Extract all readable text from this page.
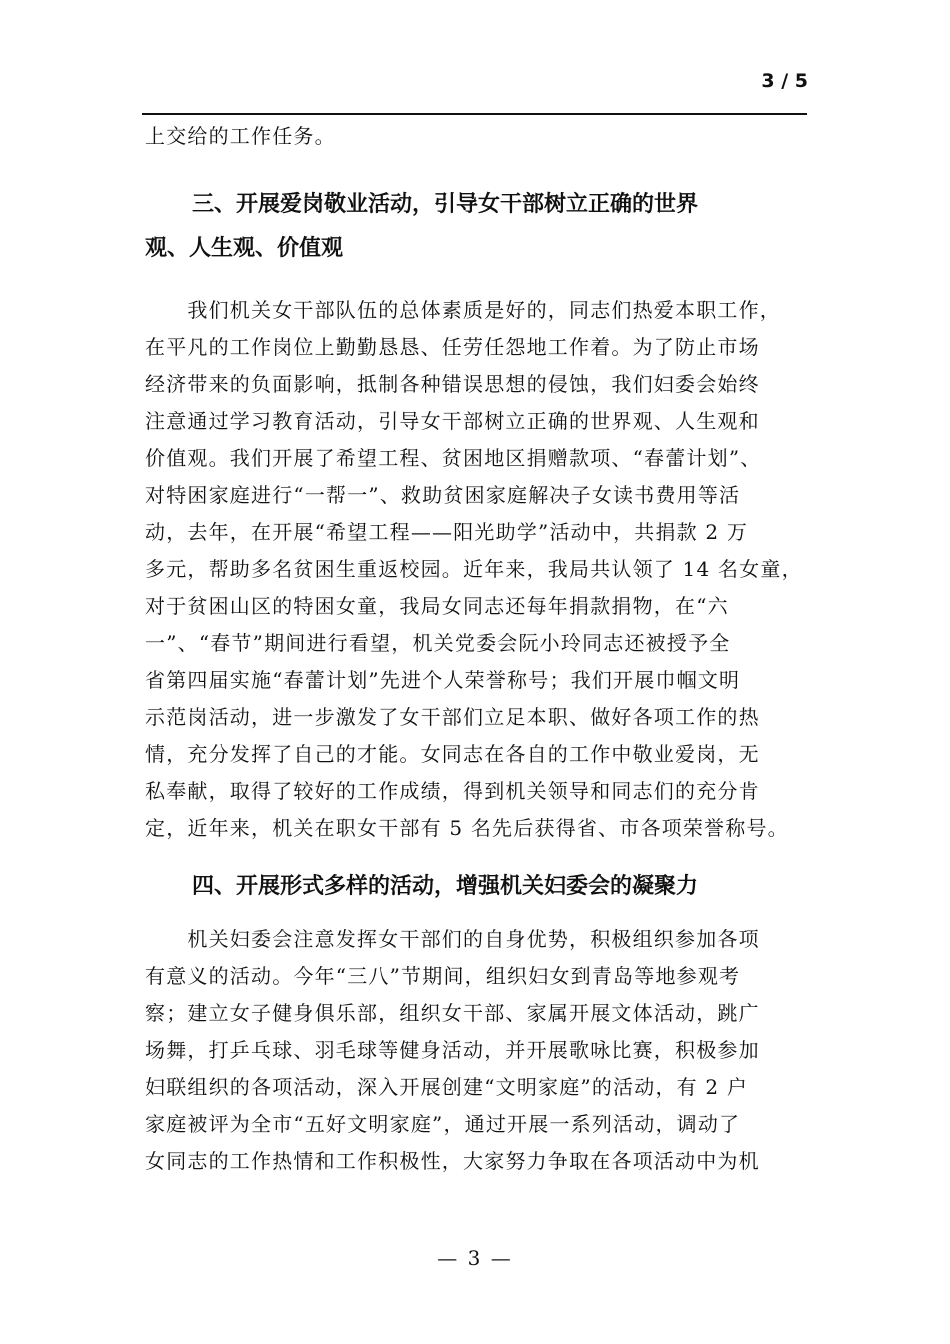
3 / 5
上交给的工作任务。
三、开展爱岗敬业活动，引导女干部树立正确的世界
观、人生观、价值观
　　我们机关女干部队伍的总体素质是好的，同志们热爱本职工作，
在平凡的工作岗位上勤勤恳恳、任劳任怨地工作着。为了防止市场
经济带来的负面影响，抵制各种错误思想的侵蚀，我们妇委会始终
注意通过学习教育活动，引导女干部树立正确的世界观、人生观和
价值观。我们开展了希望工程、贫困地区捐赠款项、“春蕾计划”、
对特困家庭进行“一帮一”、救助贫困家庭解决子女读书费用等活
动，去年，在开展“希望工程——阳光助学”活动中，共捐款 2 万
多元，帮助多名贫困生重返校园。近年来，我局共认领了 14 名女童，
对于贫困山区的特困女童，我局女同志还每年捐款捐物，在“六
一”、“春节”期间进行看望，机关党委会阮小玲同志还被授予全
省第四届实施“春蕾计划”先进个人荣誉称号；我们开展巾帼文明
示范岗活动，进一步激发了女干部们立足本职、做好各项工作的热
情，充分发挥了自己的才能。女同志在各自的工作中敬业爱岗，无
私奉献，取得了较好的工作成绩，得到机关领导和同志们的充分肯
定，近年来，机关在职女干部有 5 名先后获得省、市各项荣誉称号。
四、开展形式多样的活动，增强机关妇委会的凝聚力
　　机关妇委会注意发挥女干部们的自身优势，积极组织参加各项
有意义的活动。今年“三八”节期间，组织妇女到青岛等地参观考
察；建立女子健身俱乐部，组织女干部、家属开展文体活动，跳广
场舞，打乒乓球、羽毛球等健身活动，并开展歌咏比赛，积极参加
妇联组织的各项活动，深入开展创建“文明家庭”的活动，有 2 户
家庭被评为全市“五好文明家庭”，通过开展一系列活动，调动了
女同志的工作热情和工作积极性，大家努力争取在各项活动中为机
— 3 —
